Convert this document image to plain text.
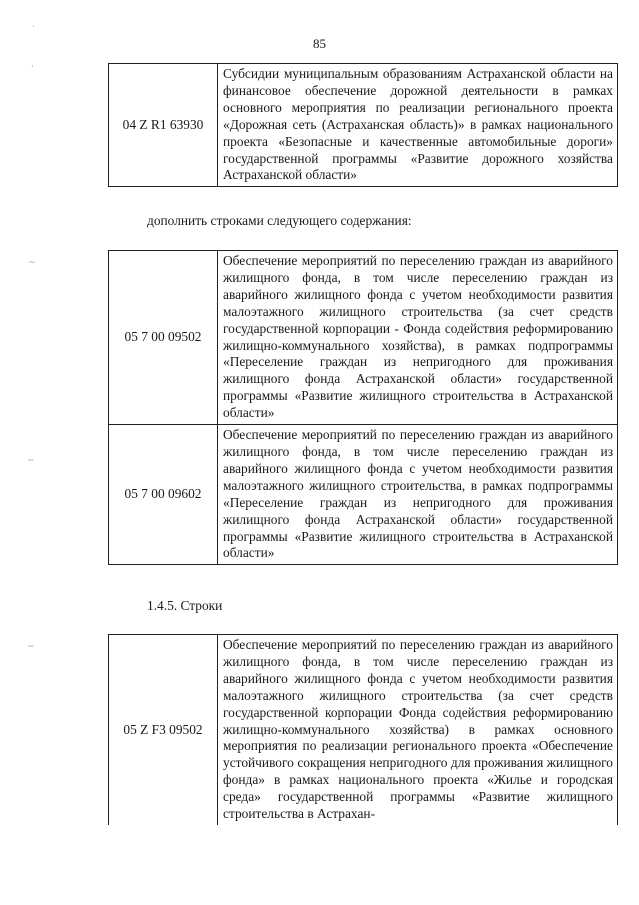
85
·
·
~
~
~
04 Z R1 63930	Субсидии муниципальным образованиям Астраханской области на финансовое обеспечение дорожной деятельности в рамках основного мероприятия по реализации регионального проекта «Дорожная сеть (Астраханская область)» в рамках национального проекта «Безопасные и качественные автомобильные дороги» государственной программы «Развитие дорожного хозяйства Астраханской области»
дополнить строками следующего содержания:
05 7 00 09502	Обеспечение мероприятий по переселению граждан из аварийного жилищного фонда, в том числе переселению граждан из аварийного жилищного фонда с учетом необходимости развития малоэтажного жилищного строительства (за счет средств государственной корпорации - Фонда содействия реформированию жилищно-коммунального хозяйства), в рамках подпрограммы «Переселение граждан из непригодного для проживания жилищного фонда Астраханской области» государственной программы «Развитие жилищного строительства в Астраханской области»
05 7 00 09602	Обеспечение мероприятий по переселению граждан из аварийного жилищного фонда, в том числе переселению граждан из аварийного жилищного фонда с учетом необходимости развития малоэтажного жилищного строительства, в рамках подпрограммы «Переселение граждан из непригодного для проживания жилищного фонда Астраханской области» государственной программы «Развитие жилищного строительства в Астраханской области»
1.4.5. Строки
05 Z F3 09502	Обеспечение мероприятий по переселению граждан из аварийного жилищного фонда, в том числе переселению граждан из аварийного жилищного фонда с учетом необходимости развития малоэтажного жилищного строительства (за счет средств государственной корпорации Фонда содействия реформированию жилищно-коммунального хозяйства) в рамках основного мероприятия по реализации регионального проекта «Обеспечение устойчивого сокращения непригодного для проживания жилищного фонда» в рамках национального проекта «Жилье и городская среда» государственной программы «Развитие жилищного строительства в Астрахан-
